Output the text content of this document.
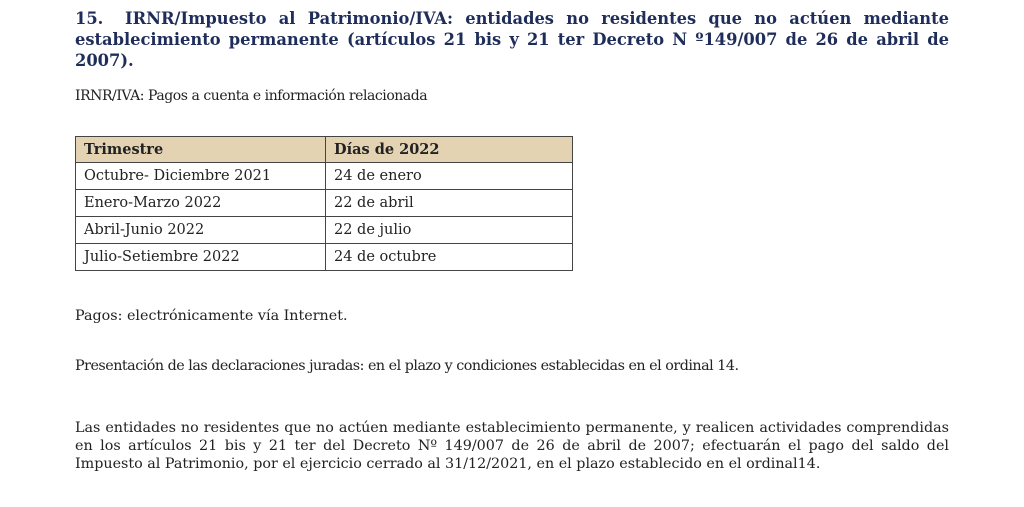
15. IRNR/Impuesto al Patrimonio/IVA: entidades no residentes que no actúen mediante establecimiento permanente (artículos 21 bis y 21 ter Decreto N º149/007 de 26 de abril de 2007).

IRNR/IVA: Pagos a cuenta e información relacionada
Trimestre	Días de 2022
Octubre- Diciembre 2021	24 de enero
Enero-Marzo 2022	22 de abril
Abril-Junio 2022	22 de julio
Julio-Setiembre 2022	24 de octubre

Pagos: electrónicamente vía Internet.

Presentación de las declaraciones juradas: en el plazo y condiciones establecidas en el ordinal 14.

Las entidades no residentes que no actúen mediante establecimiento permanente, y realicen actividades comprendidas en los artículos 21 bis y 21 ter del Decreto Nº 149/007 de 26 de abril de 2007; efectuarán el pago del saldo del Impuesto al Patrimonio, por el ejercicio cerrado al 31/12/2021, en el plazo establecido en el ordinal14.
